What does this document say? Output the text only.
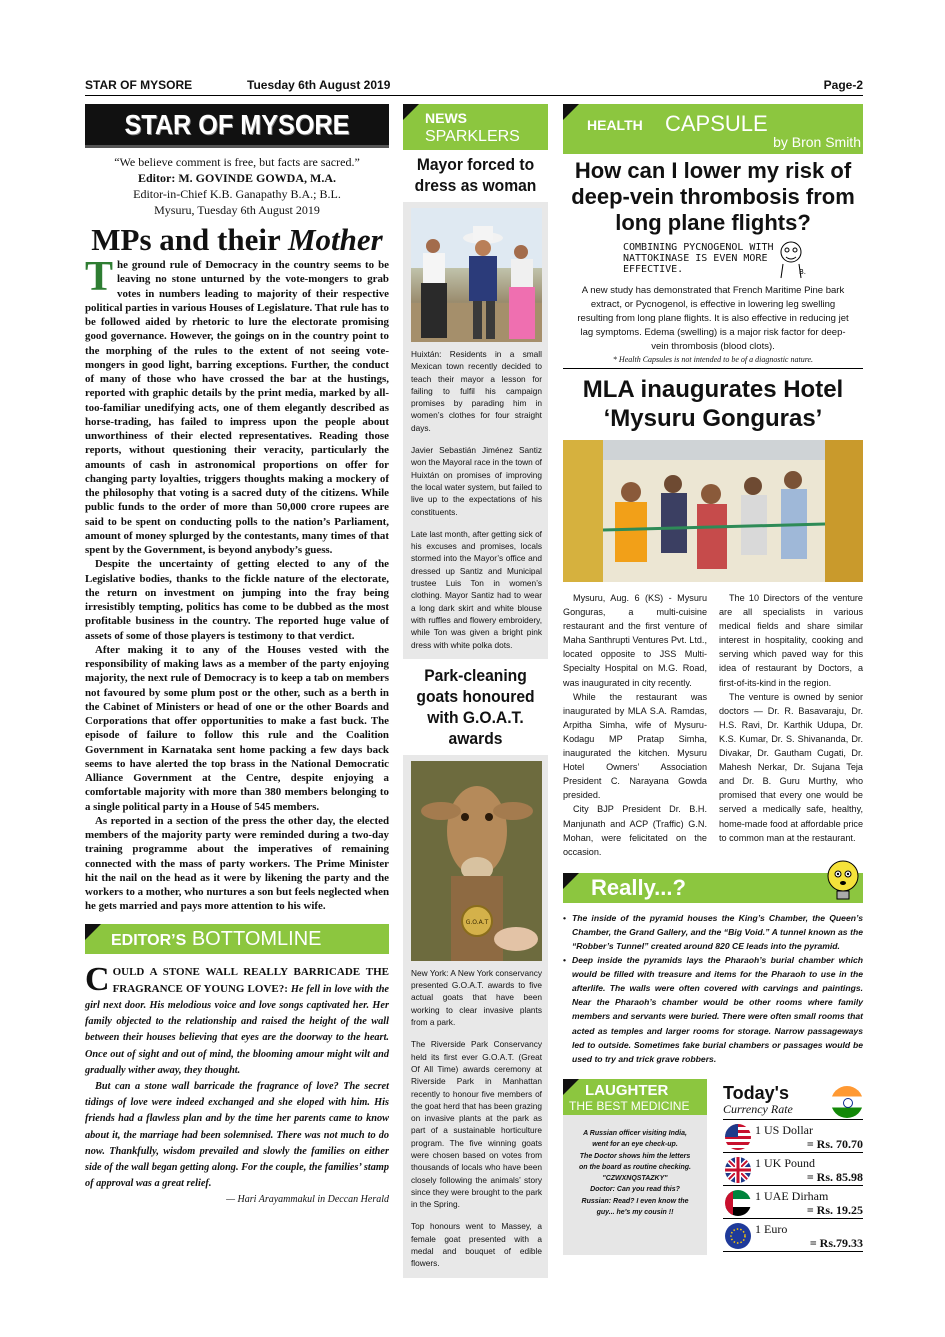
STAR OF MYSORE	Tuesday 6th August 2019	Page-2
STAR OF MYSORE
“We believe comment is free, but facts are sacred.”
Editor: M. GOVINDE GOWDA, M.A.
Editor-in-Chief K.B. Ganapathy B.A.; B.L.
Mysuru, Tuesday 6th August 2019
MPs and their Mother

The ground rule of Democracy in the country seems to be leaving no stone unturned by the vote-mongers to grab votes in numbers leading to majority of their respective political parties in various Houses of Legislature. That rule has to be followed aided by rhetoric to lure the electorate promising good governance. However, the goings on in the country point to the morphing of the rules to the extent of not seeing vote-mongers in good light, barring exceptions. Further, the conduct of many of those who have crossed the bar at the hustings, reported with graphic details by the print media, marked by all-too-familiar unedifying acts, one of them elegantly described as horse-trading, has failed to impress upon the people about unworthiness of their elected representatives. Reading those reports, without questioning their veracity, particularly the amounts of cash in astronomical proportions on offer for changing party loyalties, triggers thoughts making a mockery of the philosophy that voting is a sacred duty of the citizens. While public funds to the order of more than 50,000 crore rupees are said to be spent on conducting polls to the nation’s Parliament, amount of money splurged by the contestants, many times of that spent by the Government, is beyond anybody’s guess.

Despite the uncertainty of getting elected to any of the Legislative bodies, thanks to the fickle nature of the electorate, the return on investment on jumping into the fray being irresistibly tempting, politics has come to be dubbed as the most profitable business in the country. The reported huge value of assets of some of those players is testimony to that verdict.

After making it to any of the Houses vested with the responsibility of making laws as a member of the party enjoying majority, the next rule of Democracy is to keep a tab on members not favoured by some plum post or the other, such as a berth in the Cabinet of Ministers or head of one or the other Boards and Corporations that offer opportunities to make a fast buck. The episode of failure to follow this rule and the Coalition Government in Karnataka sent home packing a few days back seems to have alerted the top brass in the National Democratic Alliance Government at the Centre, despite enjoying a comfortable majority with more than 380 members belonging to a single political party in a House of 545 members.

As reported in a section of the press the other day, the elected members of the majority party were reminded during a two-day training programme about the imperatives of remaining connected with the mass of party workers. The Prime Minister hit the nail on the head as it were by likening the party and the workers to a mother, who nurtures a son but feels neglected when he gets married and pays more attention to his wife.

EDITOR’S BOTTOMLINE

COULD A STONE WALL REALLY BARRICADE THE FRAGRANCE OF YOUNG LOVE?: He fell in love with the girl next door. His melodious voice and love songs captivated her. Her family objected to the relationship and raised the height of the wall between their houses believing that eyes are the doorway to the heart. Once out of sight and out of mind, the blooming amour might wilt and gradually wither away, they thought.

But can a stone wall barricade the fragrance of love? The secret tidings of love were indeed exchanged and she eloped with him. His friends had a flawless plan and by the time her parents came to know about it, the marriage had been solemnised. There was not much to do now. Thankfully, wisdom prevailed and slowly the families on either side of the wall began getting along. For the couple, the families’ stamp of approval was a great relief.

— Hari Arayammakul in Deccan Herald
NEWS
SPARKLERS
Mayor forced to dress as woman

Huixtán: Residents in a small Mexican town recently decided to teach their mayor a lesson for failing to fulfil his campaign promises by parading him in women’s clothes for four straight days.

Javier Sebastián Jiménez Santiz won the Mayoral race in the town of Huixtán on promises of improving the local water system, but failed to live up to the expectations of his constituents.

Late last month, after getting sick of his excuses and promises, locals stormed into the Mayor’s office and dressed up Santiz and Municipal trustee Luis Ton in women’s clothing. Mayor Santiz had to wear a long dark skirt and white blouse with ruffles and flowery embroidery, while Ton was given a bright pink dress with white polka dots.

Park-cleaning goats honoured with G.O.A.T. awards
G.O.A.T

New York: A New York conservancy presented G.O.A.T. awards to five actual goats that have been working to clear invasive plants from a park.

The Riverside Park Conservancy held its first ever G.O.A.T. (Great Of All Time) awards ceremony at Riverside Park in Manhattan recently to honour five members of the goat herd that has been grazing on invasive plants at the park as part of a sustainable horticulture program. The five winning goats were chosen based on votes from thousands of locals who have been closely following the animals’ story since they were brought to the park in the Spring.

Top honours went to Massey, a female goat presented with a medal and bouquet of edible flowers.

HEALTH CAPSULE
by Bron Smith
How can I lower my risk of deep-vein thrombosis from long plane flights?
COMBINING PYCNOGENOL WITH NATTOKINASE IS EVEN MORE EFFECTIVE.	B.
A new study has demonstrated that French Maritime Pine bark extract, or Pycnogenol, is effective in lowering leg swelling resulting from long plane flights. It is also effective in reducing jet lag symptoms. Edema (swelling) is a major risk factor for deep-vein thrombosis (blood clots).
* Health Capsules is not intended to be of a diagnostic nature.
MLA inaugurates Hotel ‘Mysuru Gonguras’

Mysuru, Aug. 6 (KS) - Mysuru Gonguras, a multi-cuisine restaurant and the first venture of Maha Santhrupti Ventures Pvt. Ltd., located opposite to JSS Multi-Specialty Hospital on M.G. Road, was inaugurated in city recently.

While the restaurant was inaugurated by MLA S.A. Ramdas, Arpitha Simha, wife of Mysuru-Kodagu MP Pratap Simha, inaugurated the kitchen. Mysuru Hotel Owners’ Association President C. Narayana Gowda presided.

City BJP President Dr. B.H. Manjunath and ACP (Traffic) G.N. Mohan, were felicitated on the occasion.

The 10 Directors of the venture are all specialists in various medical fields and share similar interest in hospitality, cooking and serving which paved way for this idea of restaurant by Doctors, a first-of-its-kind in the region.

The venture is owned by senior doctors — Dr. R. Basavaraju, Dr. H.S. Ravi, Dr. Karthik Udupa, Dr. K.S. Kumar, Dr. S. Shivananda, Dr. Divakar, Dr. Gautham Cugati, Dr. Mahesh Nerkar, Dr. Sujana Teja and Dr. B. Guru Murthy, who promised that every one would be served a medically safe, healthy, home-made food at affordable price to common man at the restaurant.

Really...?
• The inside of the pyramid houses the King’s Chamber, the Queen’s Chamber, the Grand Gallery, and the “Big Void.” A tunnel known as the “Robber’s Tunnel” created around 820 CE leads into the pyramid.
• Deep inside the pyramids lays the Pharaoh’s burial chamber which would be filled with treasure and items for the Pharaoh to use in the afterlife. The walls were often covered with carvings and paintings. Near the Pharaoh’s chamber would be other rooms where family members and servants were buried. There were often small rooms that acted as temples and larger rooms for storage. Narrow passageways led to outside. Sometimes fake burial chambers or passages would be used to try and trick grave robbers.
LAUGHTER
THE BEST MEDICINE
A Russian officer visiting India,
went for an eye check-up.
The Doctor shows him the letters
on the board as routine checking.
"CZWXNQSTAZKY"
Doctor: Can you read this?
Russian: Read? I even know the
guy... he's my cousin !!
Today's
Currency Rate
1 US Dollar
= Rs. 70.70
1 UK Pound
= Rs. 85.98
1 UAE Dirham
= Rs. 19.25
1 Euro
= Rs.79.33
